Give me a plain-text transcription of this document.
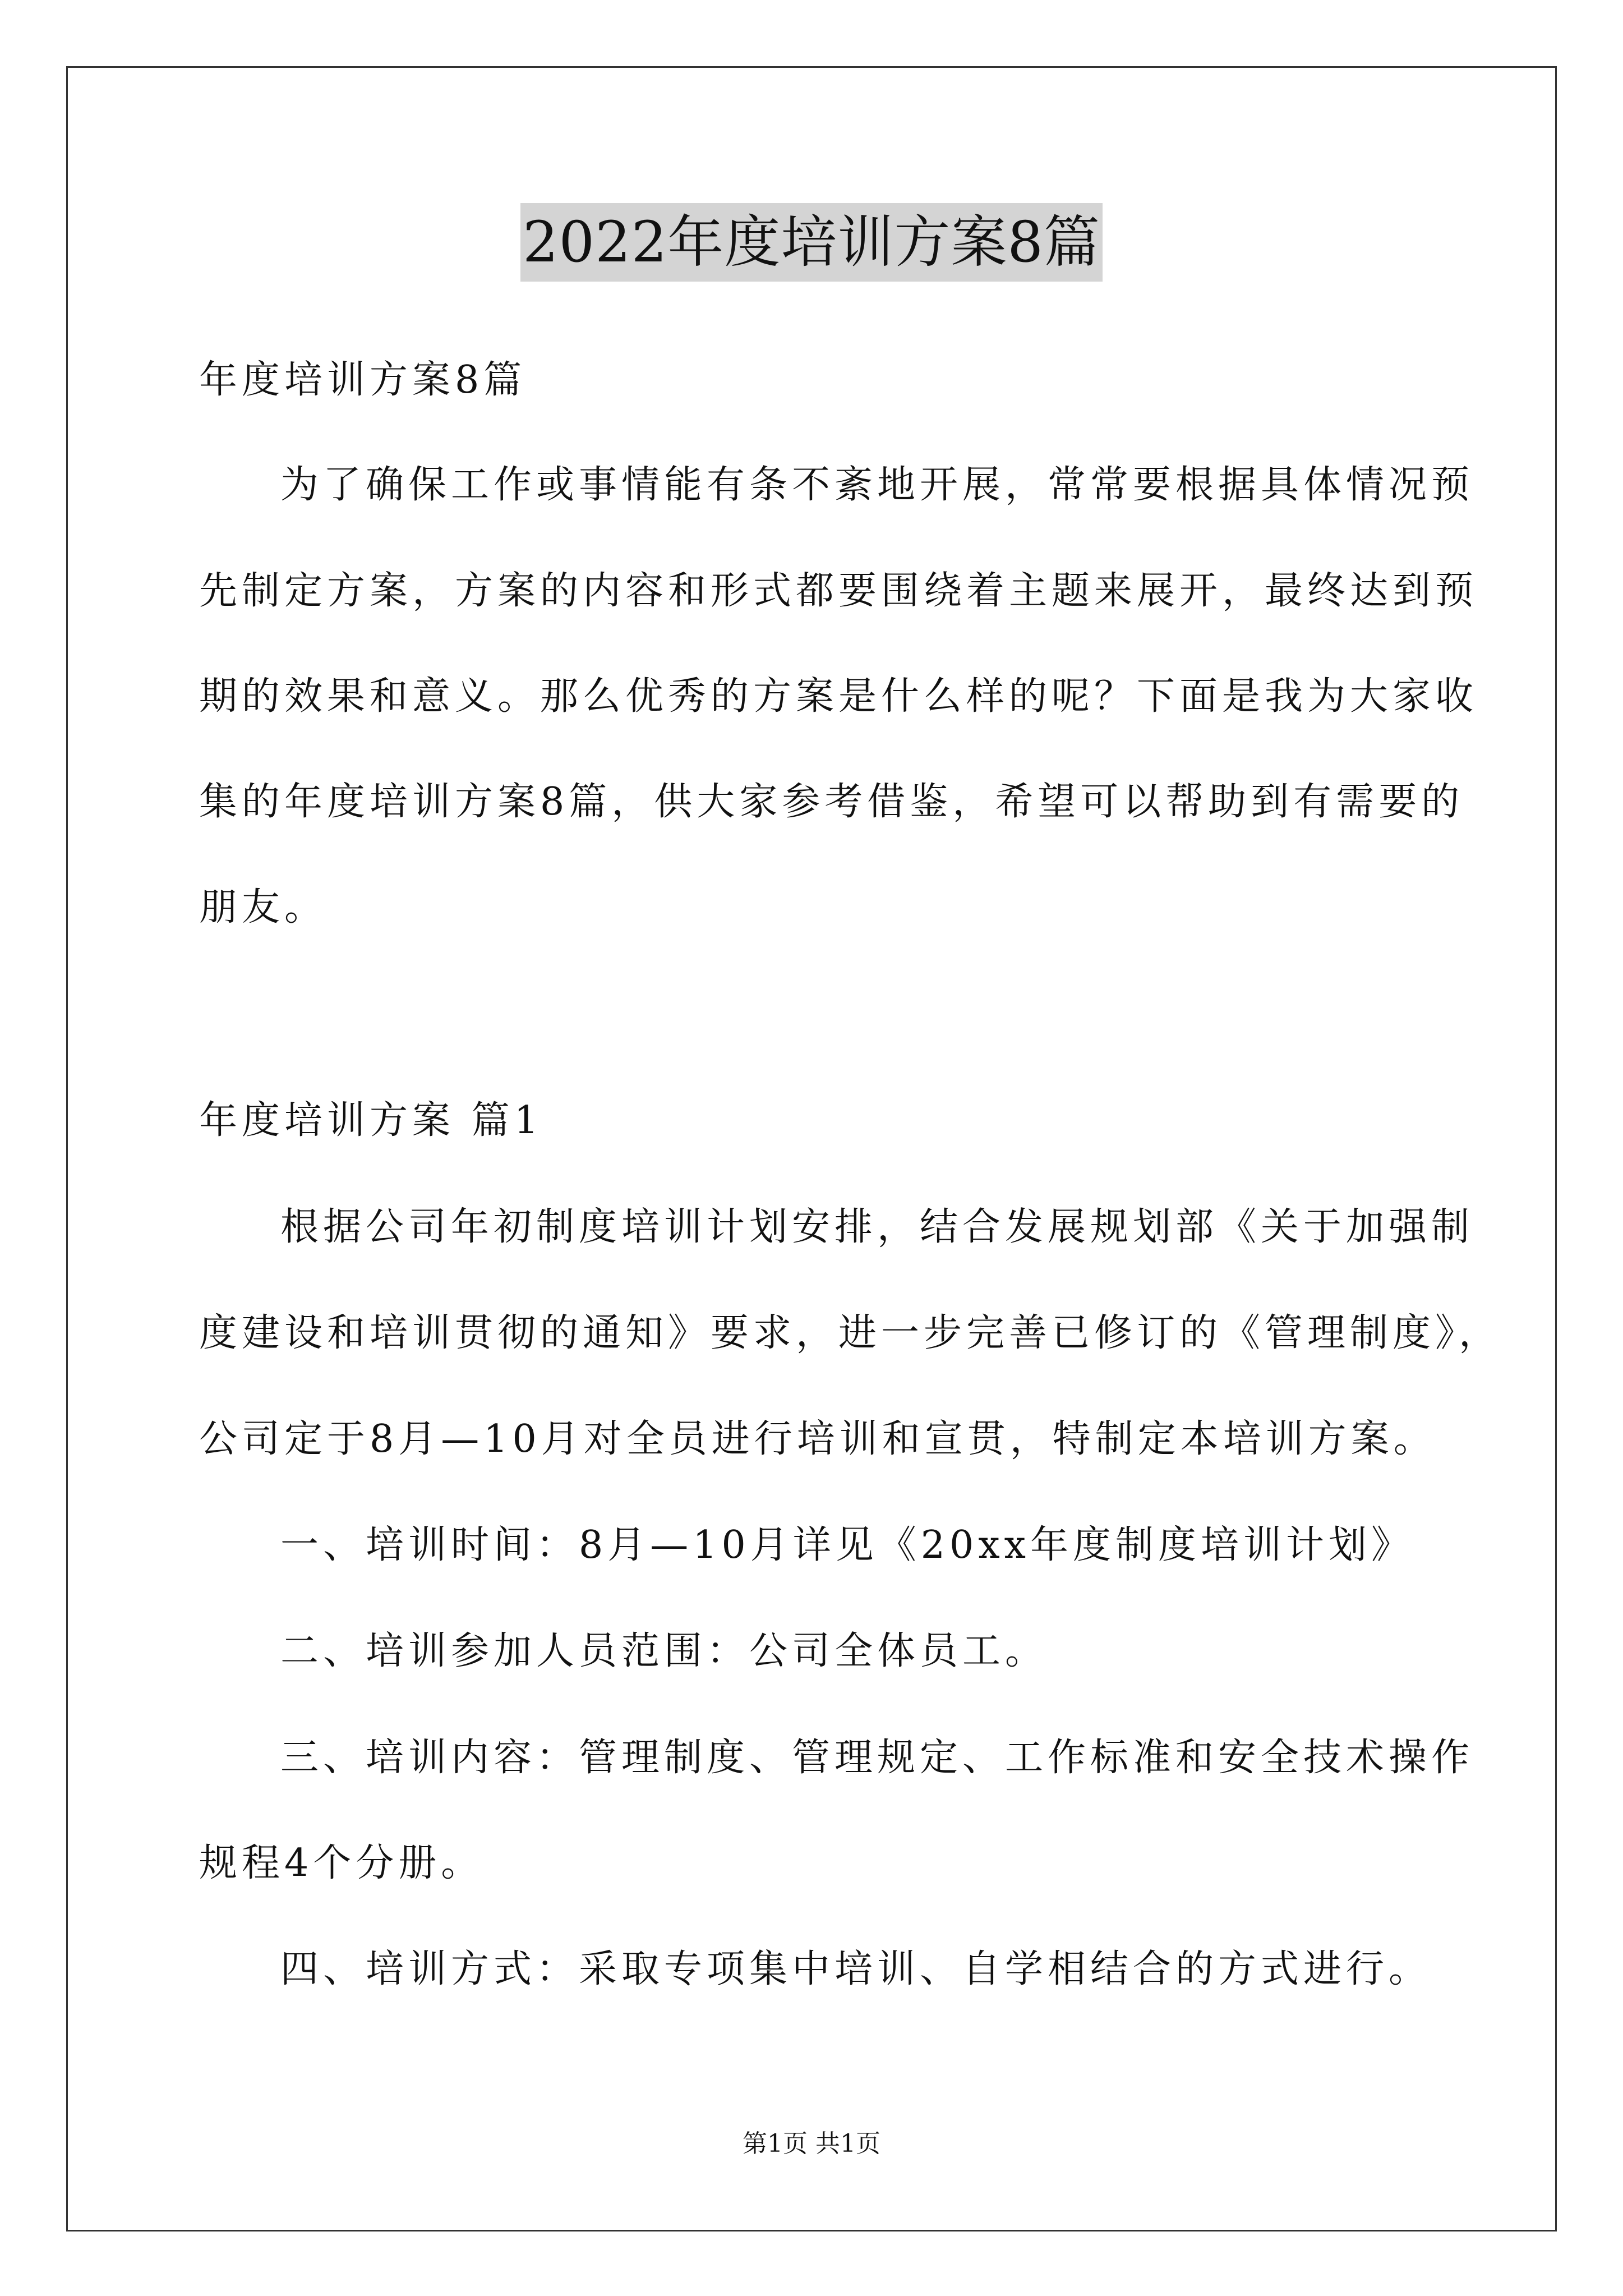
2022年度培训方案8篇
年度培训方案8篇
为了确保工作或事情能有条不紊地开展，常常要根据具体情况预
先制定方案，方案的内容和形式都要围绕着主题来展开，最终达到预
期的效果和意义。那么优秀的方案是什么样的呢？下面是我为大家收
集的年度培训方案8篇，供大家参考借鉴，希望可以帮助到有需要的
朋友。
年度培训方案 篇1
根据公司年初制度培训计划安排，结合发展规划部《关于加强制
度建设和培训贯彻的通知》要求，进一步完善已修订的《管理制度》，
公司定于8月—10月对全员进行培训和宣贯，特制定本培训方案。
一、培训时间：8月—10月详见《20xx年度制度培训计划》
二、培训参加人员范围：公司全体员工。
三、培训内容：管理制度、管理规定、工作标准和安全技术操作
规程4个分册。
四、培训方式：采取专项集中培训、自学相结合的方式进行。
第1页 共1页
